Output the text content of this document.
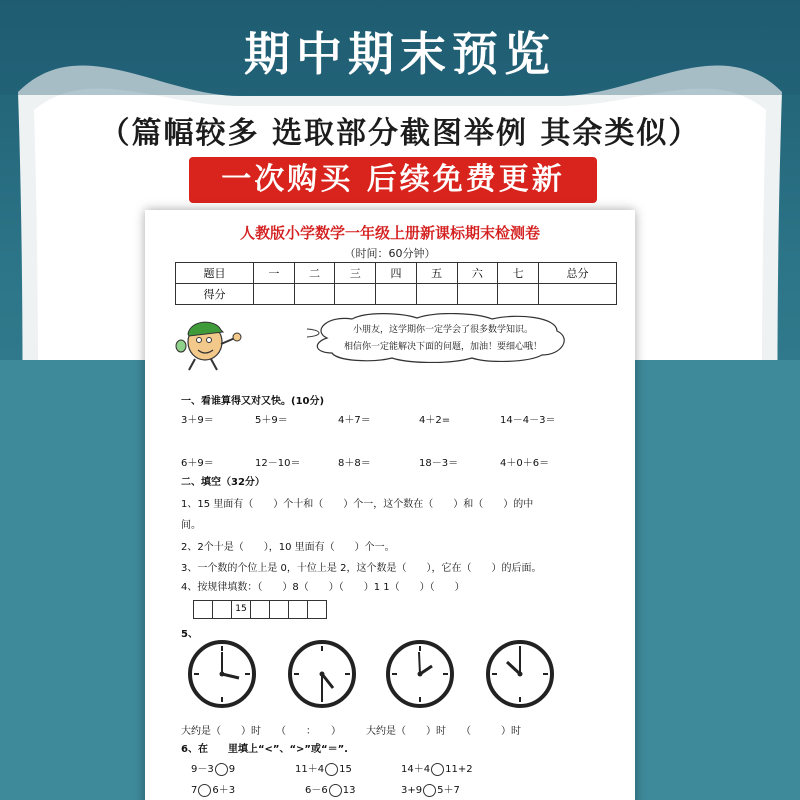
期中期末预览
（篇幅较多 选取部分截图举例 其余类似）
一次购买 后续免费更新
人教版小学数学一年级上册新课标期末检测卷
（时间：60分钟）
题目	一	二	三	四	五	六	七	总分
得分								
小朋友，这学期你一定学会了很多数学知识。
相信你一定能解决下面的问题，加油！要细心哦！
一、看谁算得又对又快。(10分)
3＋9＝	5＋9＝	4＋7＝	4＋2=	14－4－3＝
6＋9＝	12－10＝	8＋8＝	18－3＝	4＋0＋6＝
二、填空（32分）
1、15 里面有（　　）个十和（　　）个一，这个数在（　　）和（　　）的中
间。
2、2个十是（　　），10 里面有（　　）个一。
3、一个数的个位上是 0，十位上是 2，这个数是（　　），它在（　　）的后面。
4、按规律填数：（　　）8（　　）（　　）1 1（　　）（　　）
15
5、
大约是（　　）时　　（　　：　　）　　　大约是（　　）时　　（　　　）时
6、在　　里填上“<”、“>”或“＝”.
9－3 9	11＋4 15	14＋4 11+2
7 6＋3	6－6 13	3+9 5＋7
